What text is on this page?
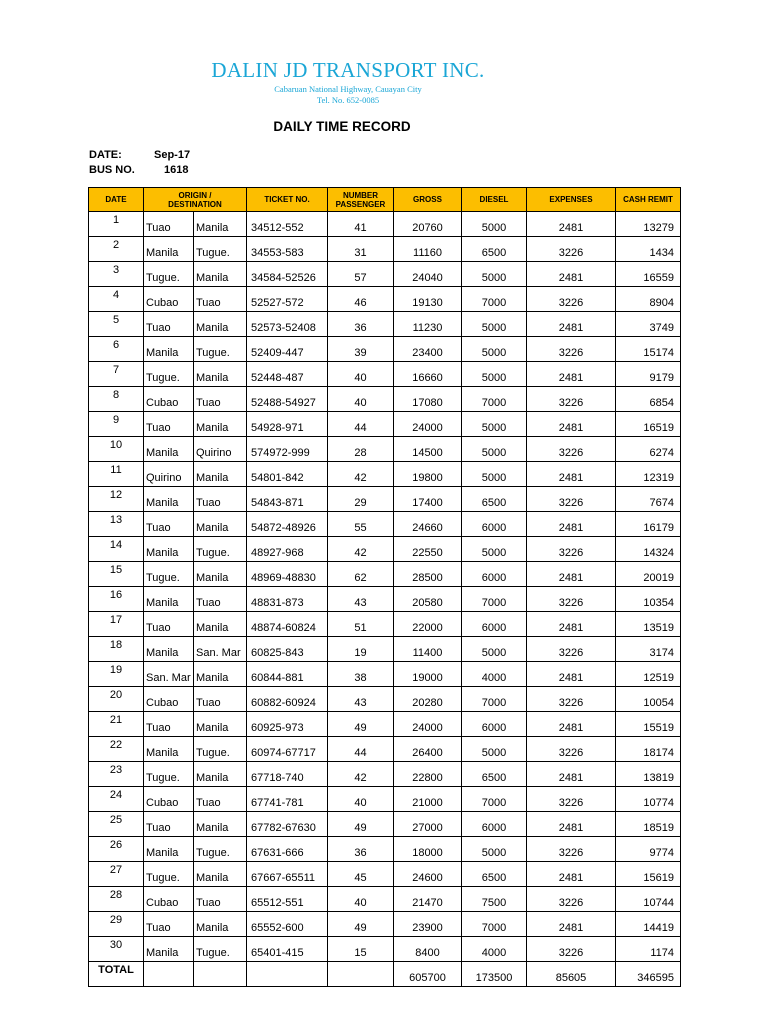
DALIN JD TRANSPORT INC.
Cabaruan National Highway, Cauayan City
Tel. No. 652-0085
DAILY TIME RECORD
DATE:	Sep-17
BUS NO.	1618
DATE	ORIGIN / DESTINATION		TICKET NO.	NUMBER PASSENGER	GROSS	DIESEL	EXPENSES	CASH REMIT
1	Tuao	Manila	34512-552	41	20760	5000	2481	13279
2	Manila	Tugue.	34553-583	31	11160	6500	3226	1434
3	Tugue.	Manila	34584-52526	57	24040	5000	2481	16559
4	Cubao	Tuao	52527-572	46	19130	7000	3226	8904
5	Tuao	Manila	52573-52408	36	11230	5000	2481	3749
6	Manila	Tugue.	52409-447	39	23400	5000	3226	15174
7	Tugue.	Manila	52448-487	40	16660	5000	2481	9179
8	Cubao	Tuao	52488-54927	40	17080	7000	3226	6854
9	Tuao	Manila	54928-971	44	24000	5000	2481	16519
10	Manila	Quirino	574972-999	28	14500	5000	3226	6274
11	Quirino	Manila	54801-842	42	19800	5000	2481	12319
12	Manila	Tuao	54843-871	29	17400	6500	3226	7674
13	Tuao	Manila	54872-48926	55	24660	6000	2481	16179
14	Manila	Tugue.	48927-968	42	22550	5000	3226	14324
15	Tugue.	Manila	48969-48830	62	28500	6000	2481	20019
16	Manila	Tuao	48831-873	43	20580	7000	3226	10354
17	Tuao	Manila	48874-60824	51	22000	6000	2481	13519
18	Manila	San. Mar	60825-843	19	11400	5000	3226	3174
19	San. Mar	Manila	60844-881	38	19000	4000	2481	12519
20	Cubao	Tuao	60882-60924	43	20280	7000	3226	10054
21	Tuao	Manila	60925-973	49	24000	6000	2481	15519
22	Manila	Tugue.	60974-67717	44	26400	5000	3226	18174
23	Tugue.	Manila	67718-740	42	22800	6500	2481	13819
24	Cubao	Tuao	67741-781	40	21000	7000	3226	10774
25	Tuao	Manila	67782-67630	49	27000	6000	2481	18519
26	Manila	Tugue.	67631-666	36	18000	5000	3226	9774
27	Tugue.	Manila	67667-65511	45	24600	6500	2481	15619
28	Cubao	Tuao	65512-551	40	21470	7500	3226	10744
29	Tuao	Manila	65552-600	49	23900	7000	2481	14419
30	Manila	Tugue.	65401-415	15	8400	4000	3226	1174
TOTAL					605700	173500	85605	346595
